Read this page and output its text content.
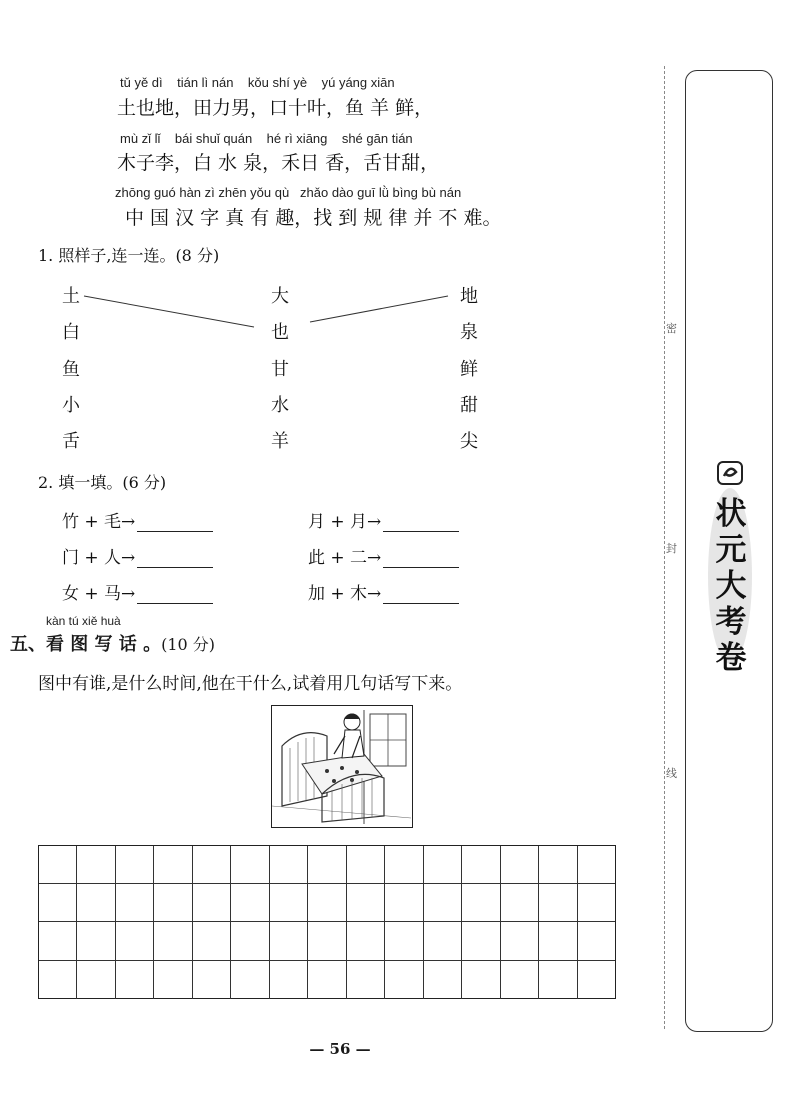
tǔ yě dì    tián lì nán    kǒu shí yè    yú yáng xiān
土也地，田力男，口十叶，鱼 羊 鲜，
mù zǐ lǐ    bái shuǐ quán    hé rì xiāng    shé gān tián
木子李，白 水 泉，禾日 香，舌甘甜，
zhōng guó hàn zì zhēn yǒu qù   zhǎo dào guī lǜ bìng bù nán
中 国 汉 字 真 有 趣，找 到 规 律 并 不 难。
1. 照样子,连一连。(8 分)
土
白
鱼
小
舌
大
也
甘
水
羊
地
泉
鲜
甜
尖
2. 填一填。(6 分)
竹 + 毛→	月 + 月→
门 + 人→	此 + 二→
女 + 马→	加 + 木→
kàn tú xiě huà
五、看 图 写 话 。(10 分)
图中有谁,是什么时间,他在干什么,试着用几句话写下来。
密
封
线
状元大考卷
— 56 —
